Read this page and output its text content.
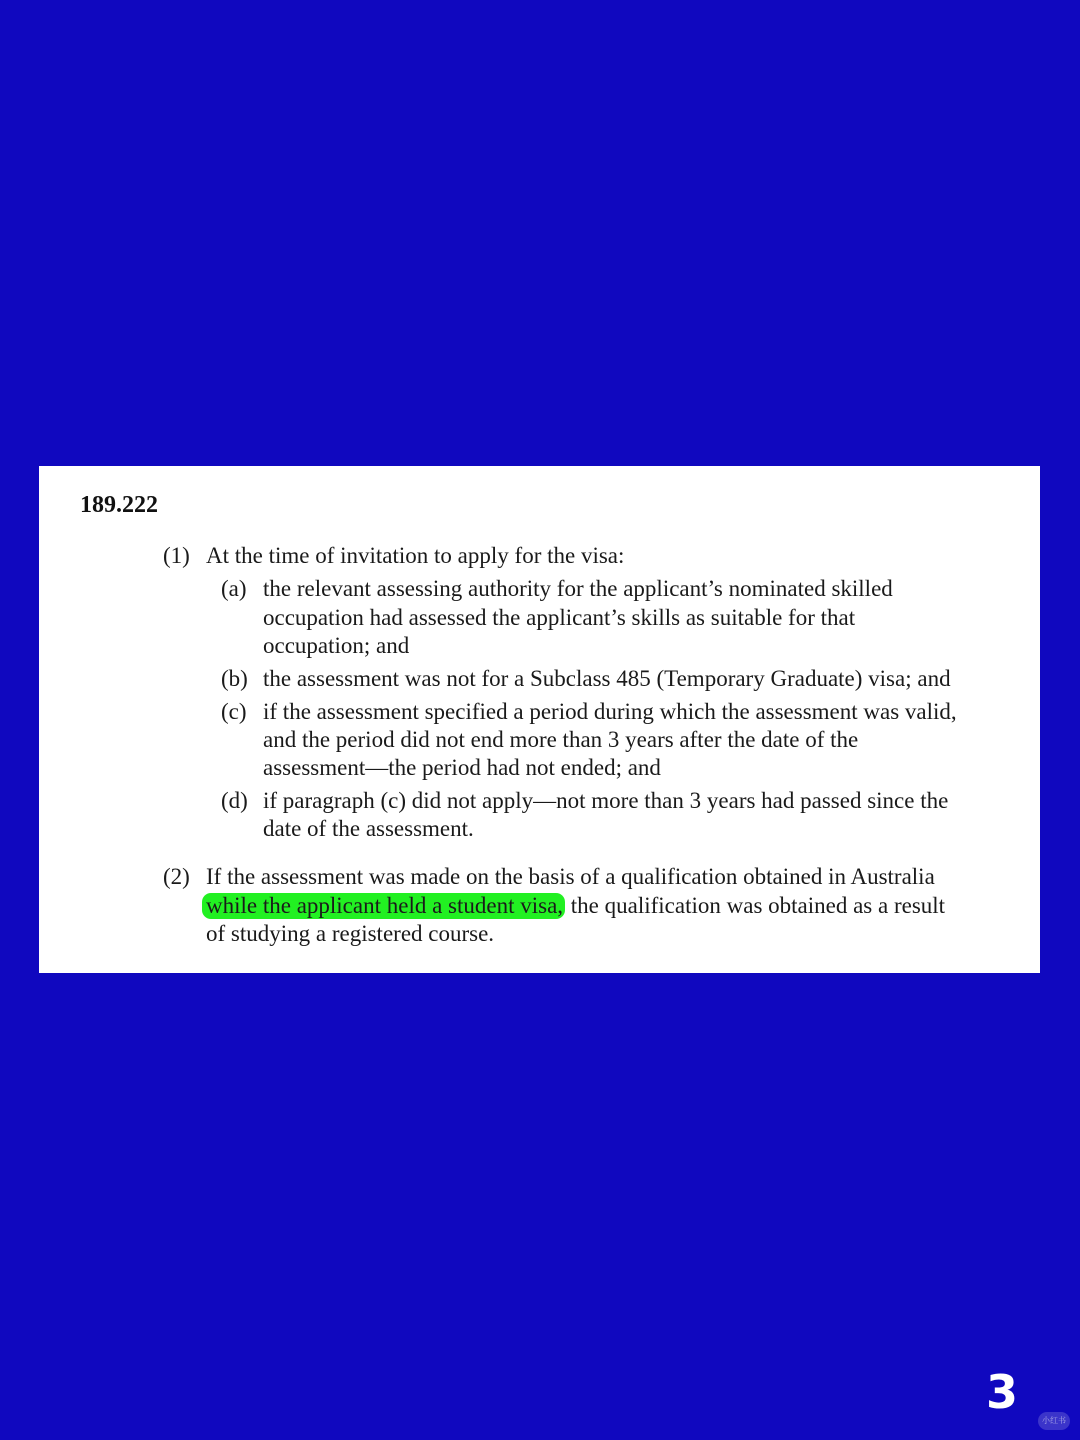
189.222
(1) At the time of invitation to apply for the visa:
(a) the relevant assessing authority for the applicant’s nominated skilled
occupation had assessed the applicant’s skills as suitable for that
occupation; and
(b) the assessment was not for a Subclass 485 (Temporary Graduate) visa; and
(c) if the assessment specified a period during which the assessment was valid,
and the period did not end more than 3 years after the date of the
assessment—the period had not ended; and
(d) if paragraph (c) did not apply—not more than 3 years had passed since the
date of the assessment.
(2) If the assessment was made on the basis of a qualification obtained in Australia
while the applicant held a student visa, the qualification was obtained as a result
of studying a registered course.
3
小红书
